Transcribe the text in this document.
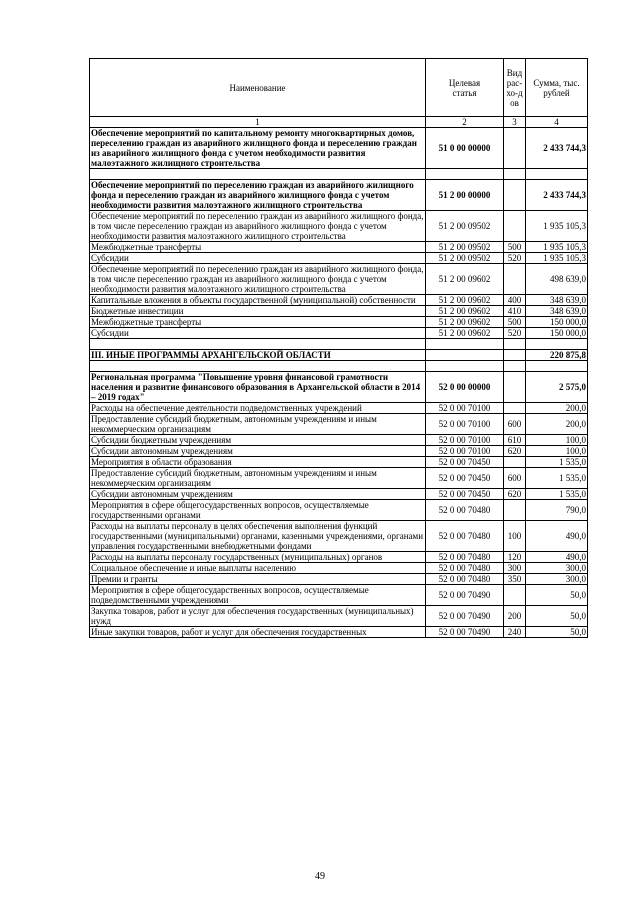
Наименование	Целевая статья	Вид рас-хо-дов	Сумма, тыс. рублей
1	2	3	4
Обеспечение мероприятий по капитальному ремонту многоквартирных домов, переселению граждан из аварийного жилищного фонда и переселению граждан из аварийного жилищного фонда с учетом необходимости развития малоэтажного жилищного строительства	51 0 00 00000		2 433 744,3

Обеспечение мероприятий по переселению граждан из аварийного жилищного фонда и переселению граждан из аварийного жилищного фонда с учетом необходимости развития малоэтажного жилищного строительства	51 2 00 00000		2 433 744,3
Обеспечение мероприятий по переселению граждан из аварийного жилищного фонда, в том числе переселению граждан из аварийного жилищного фонда с учетом необходимости развития малоэтажного жилищного строительства	51 2 00 09502		1 935 105,3
Межбюджетные трансферты	51 2 00 09502	500	1 935 105,3
Субсидии	51 2 00 09502	520	1 935 105,3
Обеспечение мероприятий по переселению граждан из аварийного жилищного фонда, в том числе переселению граждан из аварийного жилищного фонда с учетом необходимости развития малоэтажного жилищного строительства	51 2 00 09602		498 639,0
Капитальные вложения в объекты государственной (муниципальной) собственности	51 2 00 09602	400	348 639,0
Бюджетные инвестиции	51 2 00 09602	410	348 639,0
Межбюджетные трансферты	51 2 00 09602	500	150 000,0
Субсидии	51 2 00 09602	520	150 000,0

III. ИНЫЕ ПРОГРАММЫ АРХАНГЕЛЬСКОЙ ОБЛАСТИ			220 875,8

Региональная программа "Повышение уровня финансовой грамотности населения и развитие финансового образования в Архангельской области в 2014 – 2019 годах"	52 0 00 00000		2 575,0
Расходы на обеспечение деятельности подведомственных учреждений	52 0 00 70100		200,0
Предоставление субсидий бюджетным, автономным учреждениям и иным некоммерческим организациям	52 0 00 70100	600	200,0
Субсидии бюджетным учреждениям	52 0 00 70100	610	100,0
Субсидии автономным учреждениям	52 0 00 70100	620	100,0
Мероприятия в области образования	52 0 00 70450		1 535,0
Предоставление субсидий бюджетным, автономным учреждениям и иным некоммерческим организациям	52 0 00 70450	600	1 535,0
Субсидии автономным учреждениям	52 0 00 70450	620	1 535,0
Мероприятия в сфере общегосударственных вопросов, осуществляемые государственными органами	52 0 00 70480		790,0
Расходы на выплаты персоналу в целях обеспечения выполнения функций государственными (муниципальными) органами, казенными учреждениями, органами управления государственными внебюджетными фондами	52 0 00 70480	100	490,0
Расходы на выплаты персоналу государственных (муниципальных) органов	52 0 00 70480	120	490,0
Социальное обеспечение и иные выплаты населению	52 0 00 70480	300	300,0
Премии и гранты	52 0 00 70480	350	300,0
Мероприятия в сфере общегосударственных вопросов, осуществляемые подведомственными учреждениями	52 0 00 70490		50,0
Закупка товаров, работ и услуг для обеспечения государственных (муниципальных) нужд	52 0 00 70490	200	50,0
Иные закупки товаров, работ и услуг для обеспечения государственных	52 0 00 70490	240	50,0
49
